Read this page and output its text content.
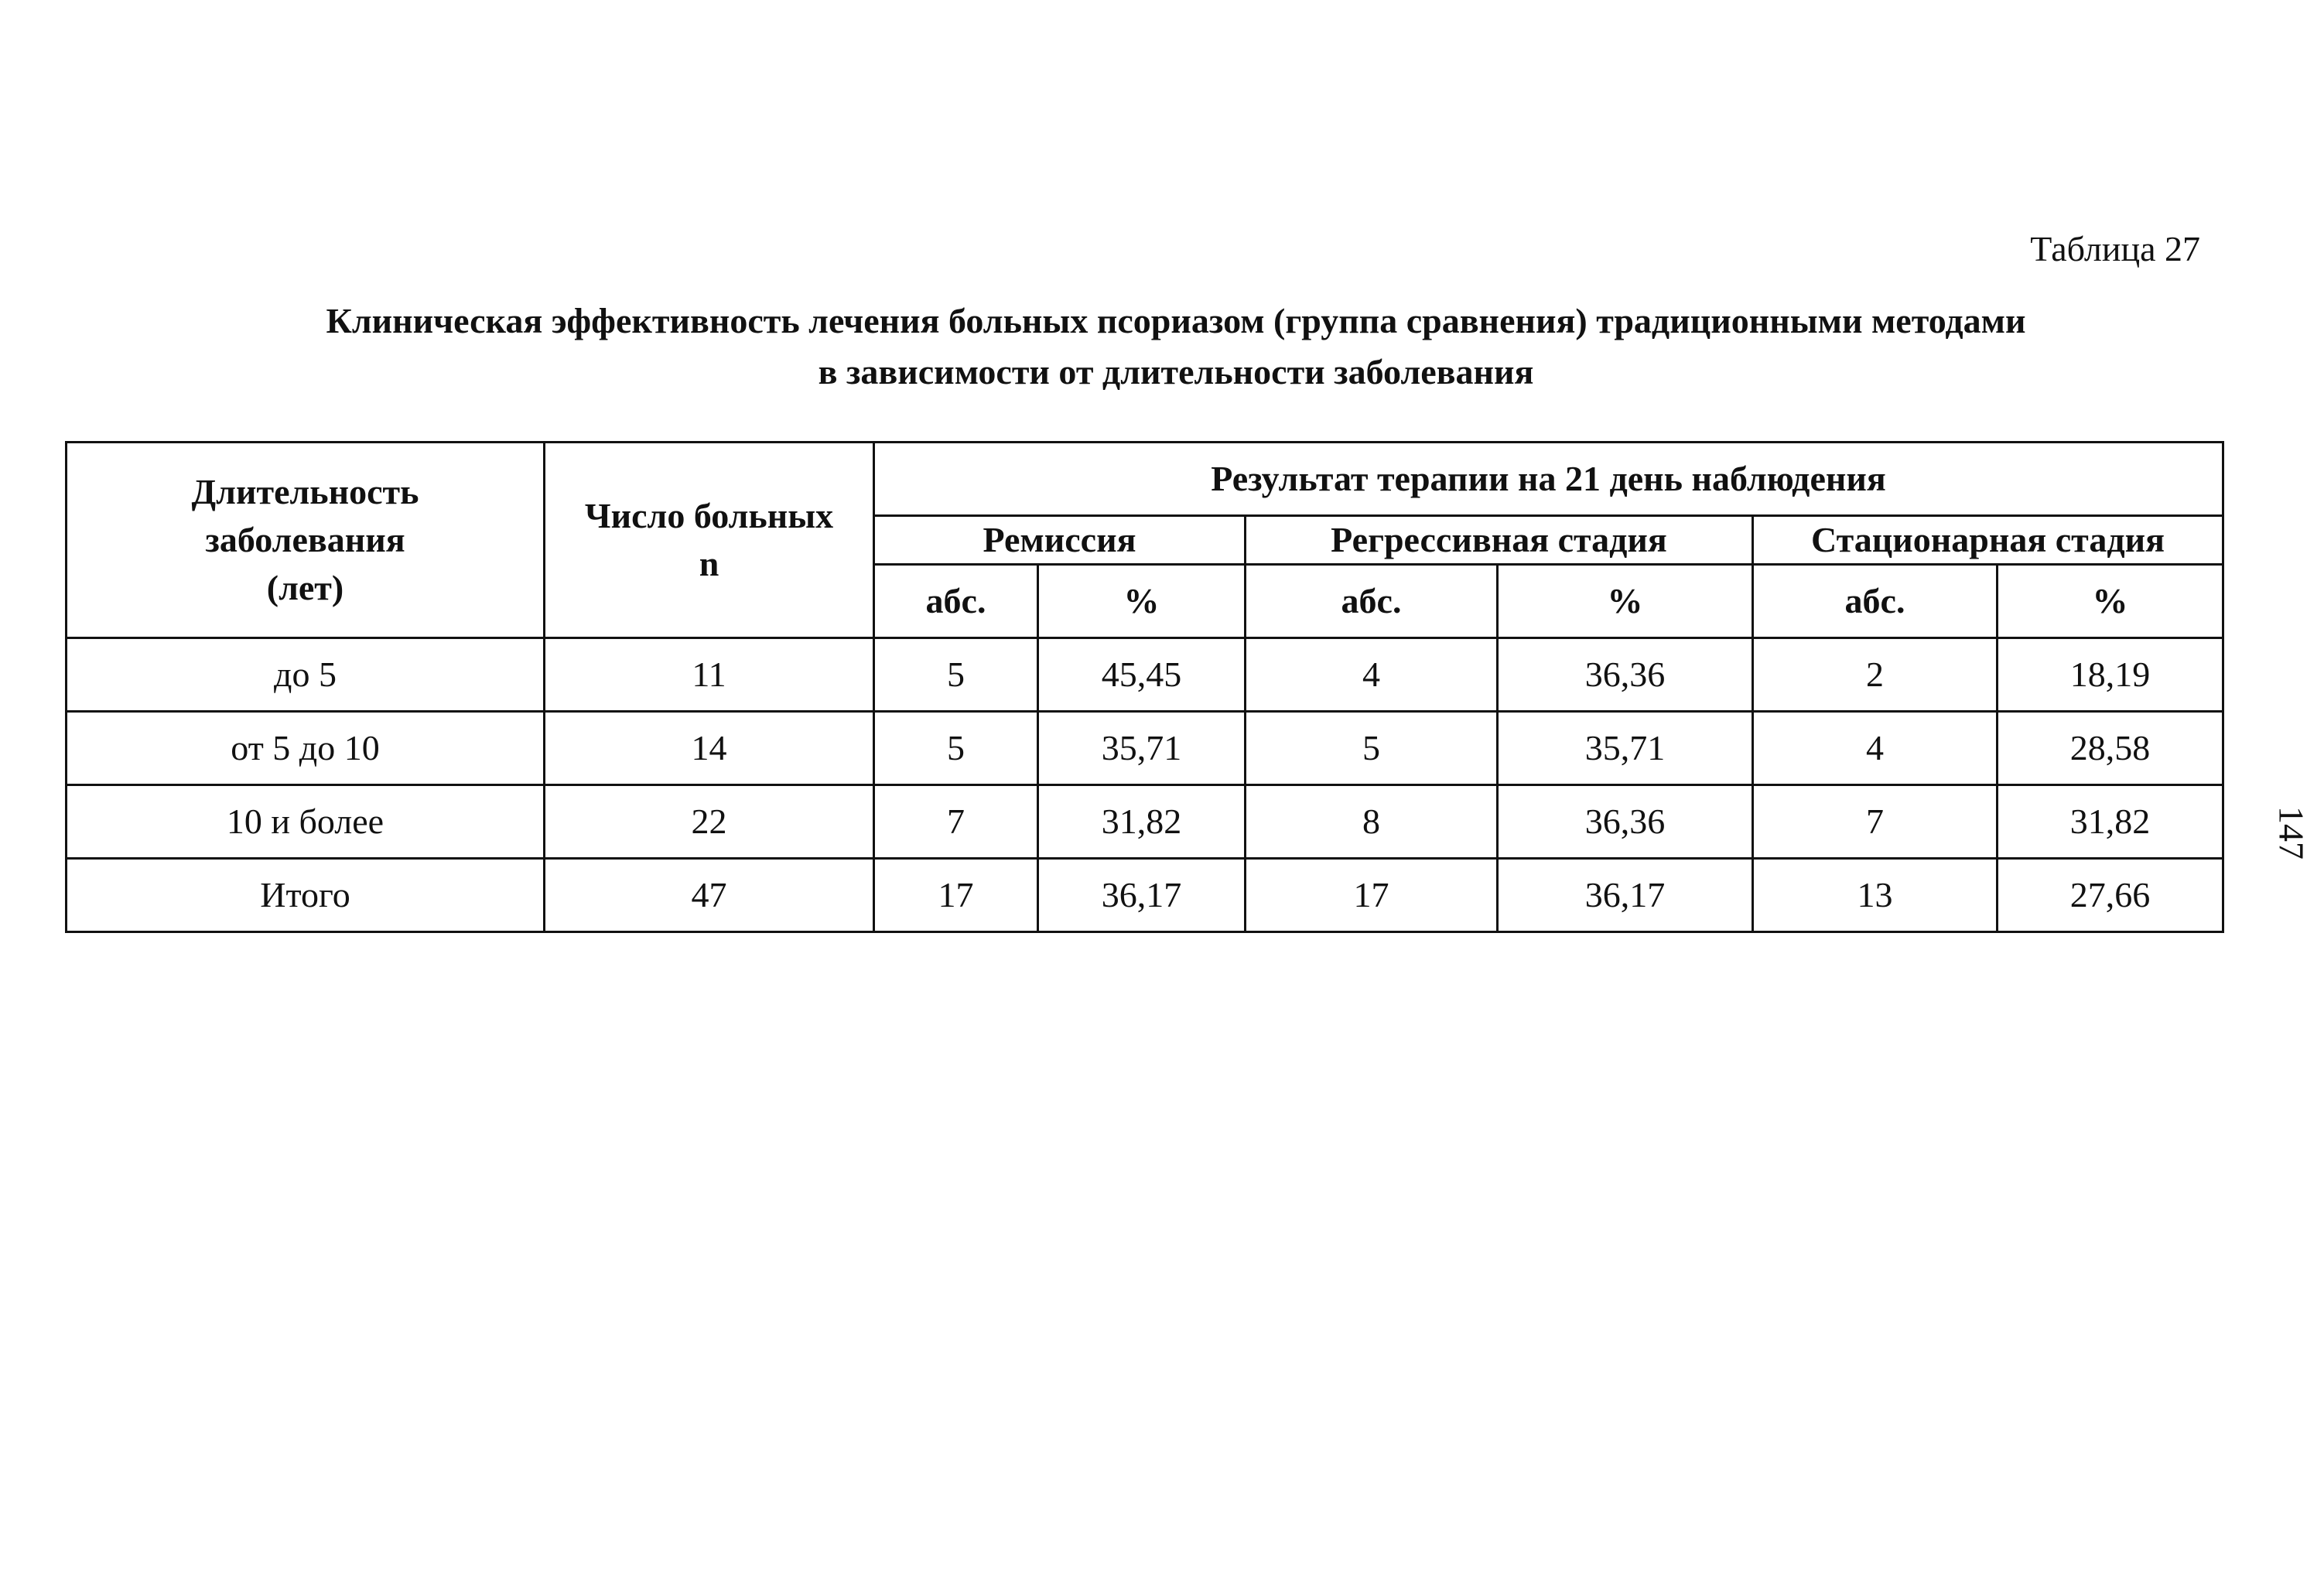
Таблица 27

Клиническая эффективность лечения больных псориазом (группа сравнения) традиционными методами
в зависимости от длительности заболевания
Длительность
заболевания
(лет)	Число больных
n	Результат терапии на 21 день наблюдения					
		Ремиссия		Регрессивная стадия		Стационарная стадия	
		абс.	%	абс.	%	абс.	%
до 5	11	5	45,45	4	36,36	2	18,19
от 5 до 10	14	5	35,71	5	35,71	4	28,58
10 и более	22	7	31,82	8	36,36	7	31,82
Итого	47	17	36,17	17	36,17	13	27,66

147
